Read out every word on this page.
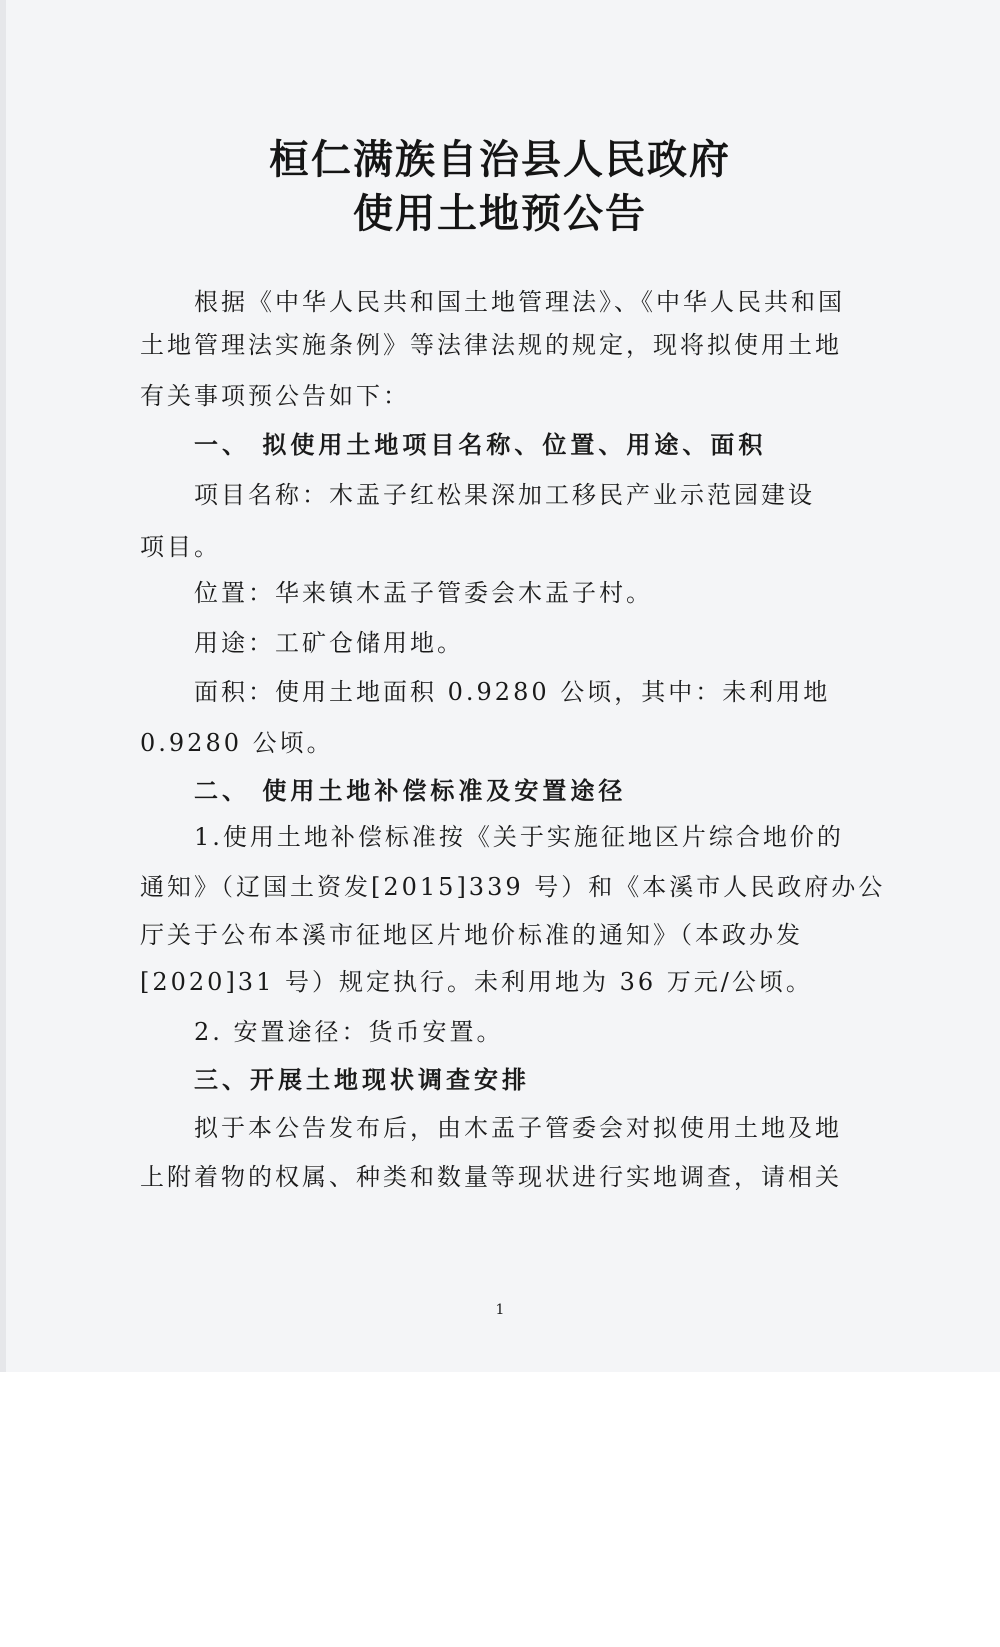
桓仁满族自治县人民政府
使用土地预公告
根据《中华人民共和国土地管理法》、《中华人民共和国
土地管理法实施条例》等法律法规的规定，现将拟使用土地
有关事项预公告如下：
一、 拟使用土地项目名称、位置、用途、面积
项目名称：木盂子红松果深加工移民产业示范园建设
项目。
位置：华来镇木盂子管委会木盂子村。
用途：工矿仓储用地。
面积：使用土地面积 0.9280 公顷，其中：未利用地
0.9280 公顷。
二、 使用土地补偿标准及安置途径
1.使用土地补偿标准按《关于实施征地区片综合地价的
通知》（辽国土资发[2015]339 号）和《本溪市人民政府办公
厅关于公布本溪市征地区片地价标准的通知》（本政办发
[2020]31 号）规定执行。未利用地为 36 万元/公顷。
2. 安置途径：货币安置。
三、开展土地现状调查安排
拟于本公告发布后，由木盂子管委会对拟使用土地及地
上附着物的权属、种类和数量等现状进行实地调查，请相关
1
